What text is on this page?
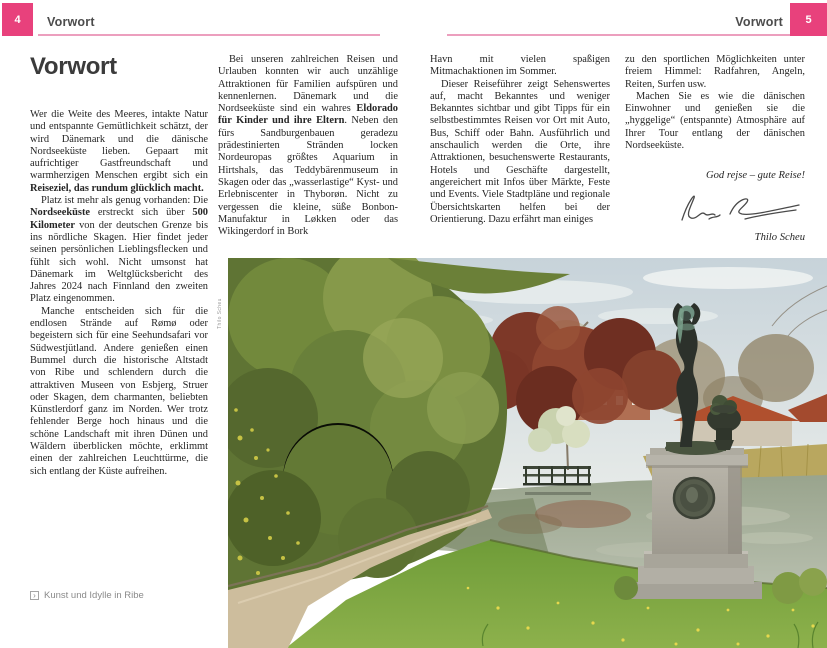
4	Vorwort	5
Vorwort
Vorwort

Wer die Weite des Meeres, intakte Natur und entspannte Gemütlichkeit schätzt, der wird Dänemark und die dänische Nordseeküste lieben. Gepaart mit aufrichtiger Gastfreundschaft und warmherzigen Menschen ergibt sich ein Reiseziel, das rundum glücklich macht.

Platz ist mehr als genug vorhanden: Die Nordseeküste erstreckt sich über 500 Kilometer von der deutschen Grenze bis ins nördliche Skagen. Hier findet jeder seinen persönlichen Lieblingsflecken und fühlt sich wohl. Nicht umsonst hat Dänemark im Weltglücksbericht des Jahres 2024 nach Finnland den zweiten Platz eingenommen.

Manche entscheiden sich für die endlosen Strände auf Rømø oder begeistern sich für eine Seehundsafari vor Südwestjütland. Andere genießen einen Bummel durch die historische Altstadt von Ribe und schlendern durch die attraktiven Museen von Esbjerg, Struer oder Skagen, dem charmanten, beliebten Künstlerdorf ganz im Norden. Wer trotz fehlender Berge hoch hinaus und die schöne Landschaft mit ihren Dünen und Wäldern überblicken möchte, erklimmt einen der zahlreichen Leuchttürme, die sich entlang der Küste aufreihen.

Bei unseren zahlreichen Reisen und Urlauben konnten wir auch unzählige Attraktionen für Familien aufspüren und kennenlernen. Dänemark und die Nordseeküste sind ein wahres Eldorado für Kinder und ihre Eltern. Neben den fürs Sandburgenbauen geradezu prädestinierten Stränden locken Nordeuropas größtes Aquarium in Hirtshals, das Teddybärenmuseum in Skagen oder das „wasserlastige“ Kyst- und Erlebniscenter in Thyborøn. Nicht zu vergessen die kleine, süße Bonbon-Manufaktur in Løkken oder das Wikingerdorf in Bork

Havn mit vielen spaßigen Mitmachaktionen im Sommer.

Dieser Reiseführer zeigt Sehenswertes auf, macht Bekanntes und weniger Bekanntes sichtbar und gibt Tipps für ein selbstbestimmtes Reisen vor Ort mit Auto, Bus, Schiff oder Bahn. Ausführlich und anschaulich werden die Orte, ihre Attraktionen, besuchenswerte Restaurants, Hotels und Geschäfte dargestellt, angereichert mit Infos über Märkte, Feste und Events. Viele Stadtpläne und regionale Übersichtskarten helfen bei der Orientierung. Dazu erfährt man einiges

zu den sportlichen Möglichkeiten unter freiem Himmel: Radfahren, Angeln, Reiten, Surfen usw.

Machen Sie es wie die dänischen Einwohner und genießen sie die „hyggelige“ (entspannte) Atmosphäre auf Ihrer Tour entlang der dänischen Nordseeküste.

God rejse – gute Reise!
Thilo Scheu
› Kunst und Idylle in Ribe
Thilo Scheu
